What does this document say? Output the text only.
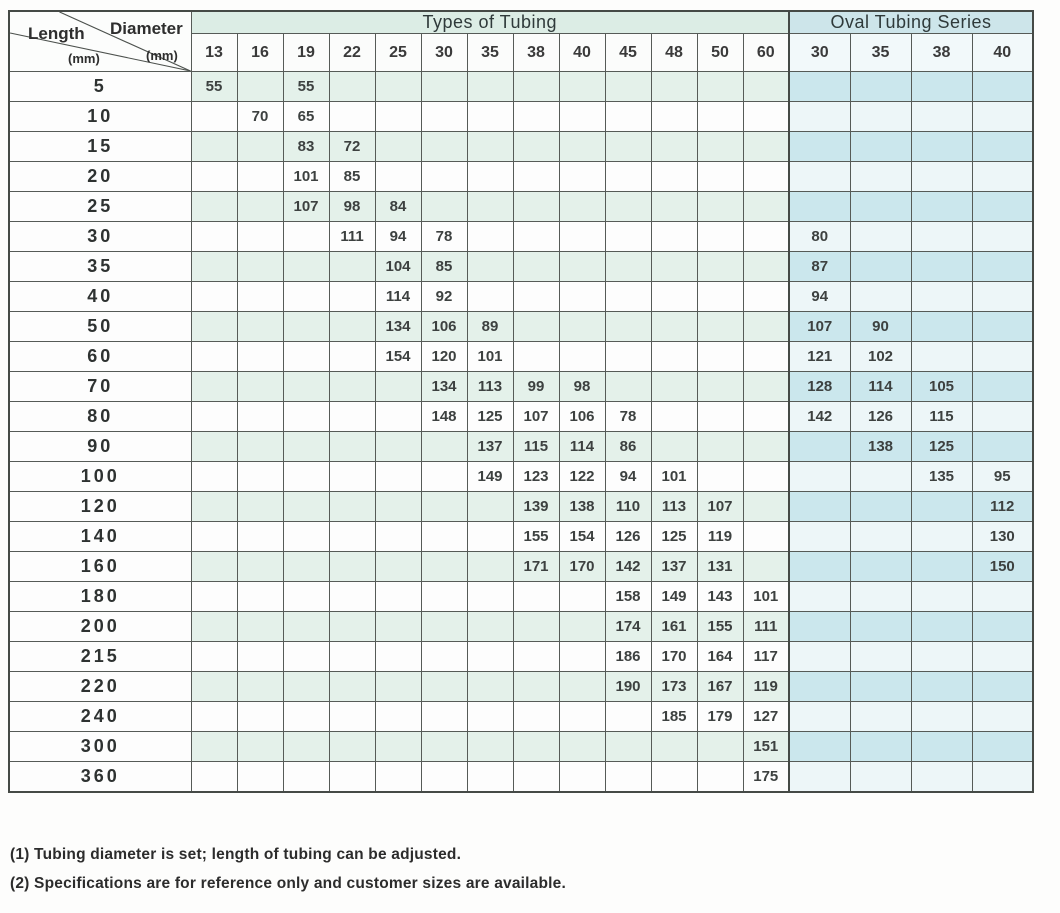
Length
(mm)
Diameter
(mm)	Types of Tubing													Oval Tubing Series			
	13	16	19	22	25	30	35	38	40	45	48	50	60	30	35	38	40
5	55		55														
10		70	65														
15			83	72													
20			101	85													
25			107	98	84												
30				111	94	78								80			
35					104	85								87			
40					114	92								94			
50					134	106	89							107	90		
60					154	120	101							121	102		
70						134	113	99	98					128	114	105	
80						148	125	107	106	78				142	126	115	
90							137	115	114	86					138	125	
100							149	123	122	94	101					135	95
120								139	138	110	113	107					112
140								155	154	126	125	119					130
160								171	170	142	137	131					150
180										158	149	143	101				
200										174	161	155	111				
215										186	170	164	117				
220										190	173	167	119				
240											185	179	127				
300													151				
360													175				
(1) Tubing diameter is set; length of tubing can be adjusted.
(2) Specifications are for reference only and customer sizes are available.
